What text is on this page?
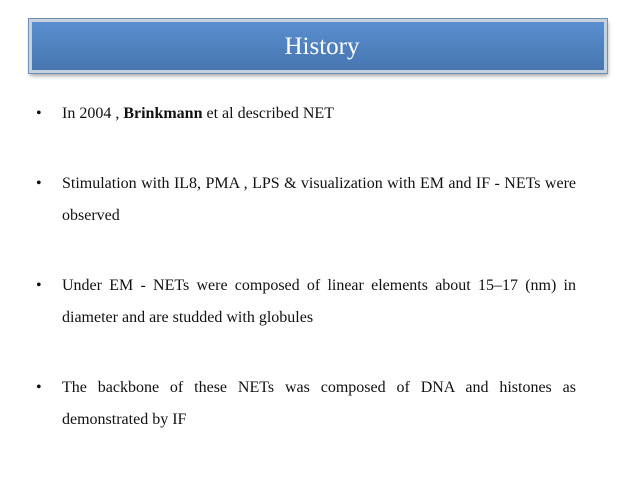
History
• In 2004 , Brinkmann et al described NET
• Stimulation with IL8, PMA , LPS & visualization with EM and IF - NETs were observed
• Under EM - NETs were composed of linear elements about 15–17 (nm) in diameter and are studded with globules
• The backbone of these NETs was composed of DNA and histones as demonstrated by IF
